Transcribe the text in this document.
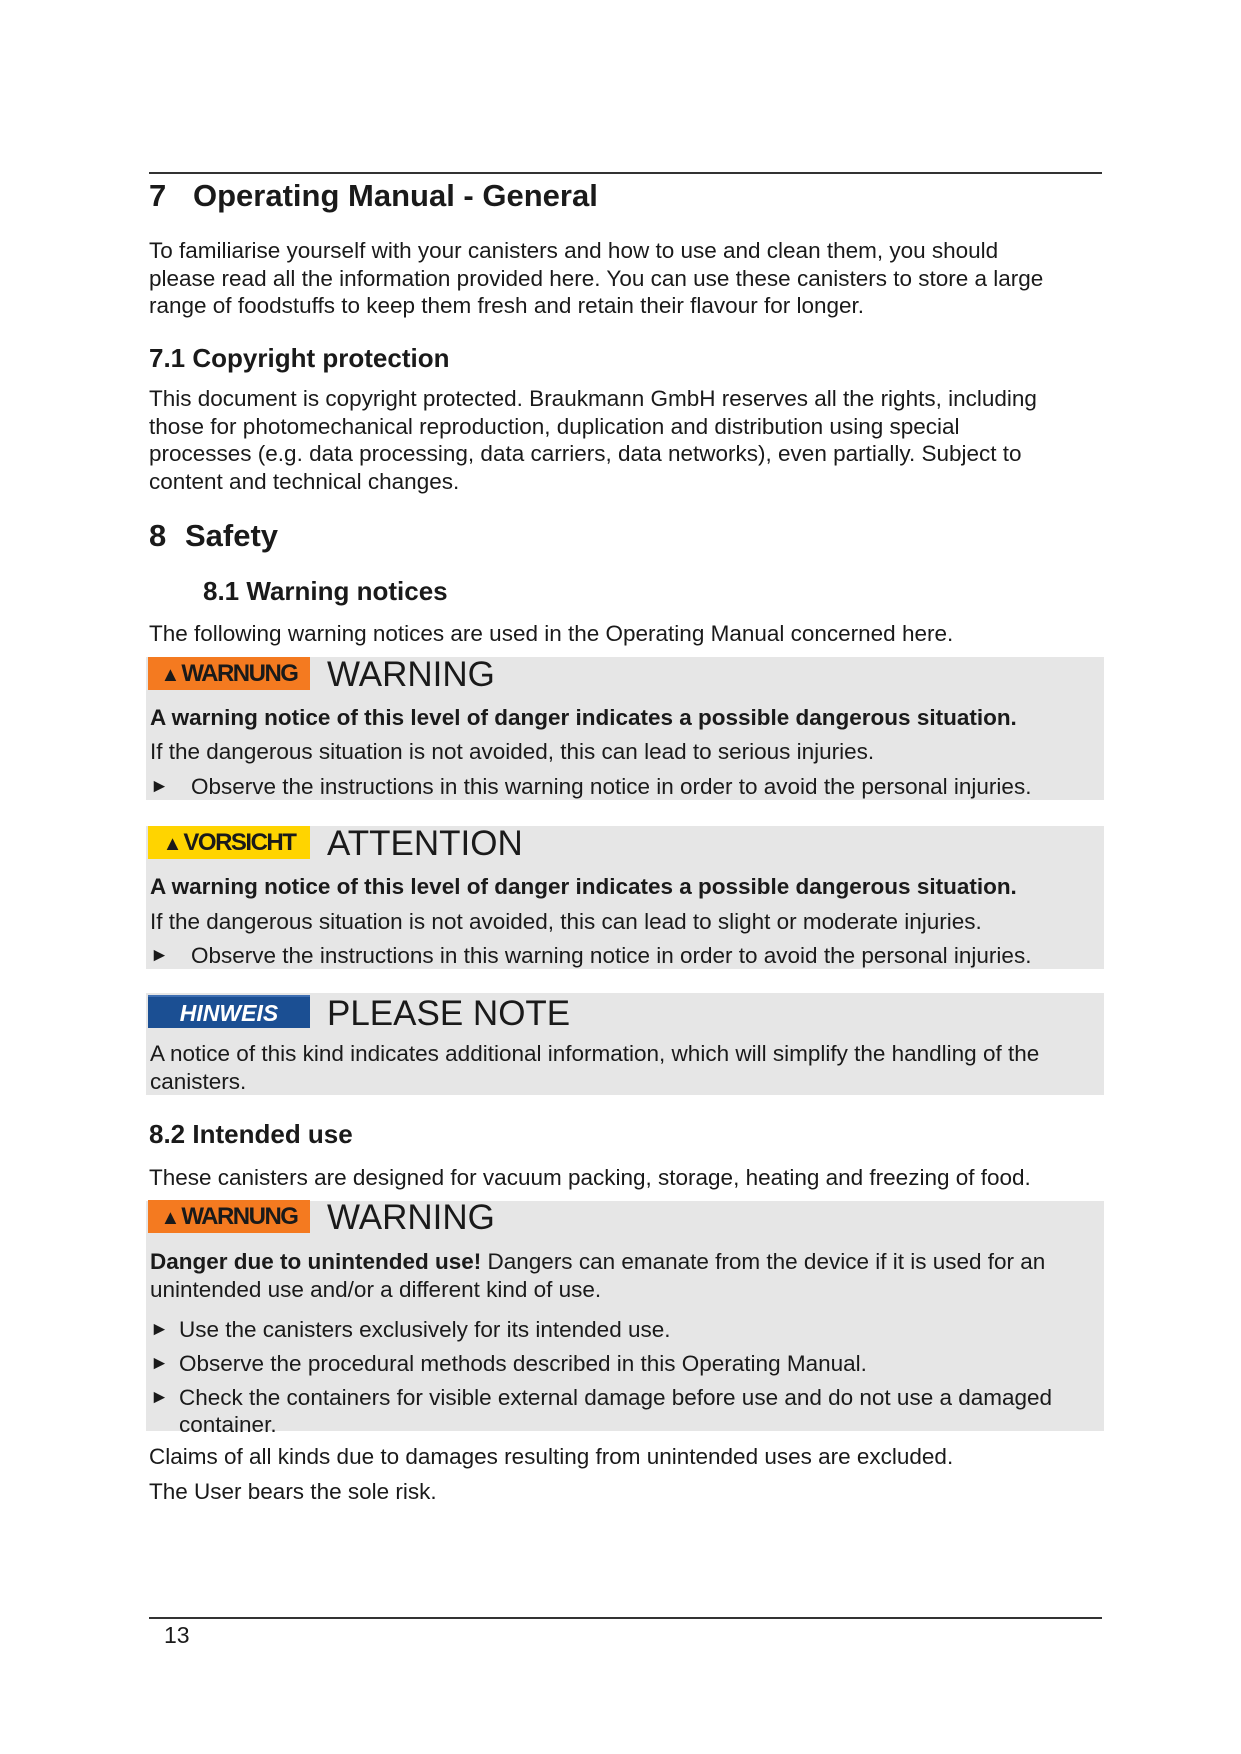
7 Operating Manual - General
To familiarise yourself with your canisters and how to use and clean them, you should
please read all the information provided here. You can use these canisters to store a large
range of foodstuffs to keep them fresh and retain their flavour for longer.
7.1 Copyright protection
This document is copyright protected. Braukmann GmbH reserves all the rights, including
those for photomechanical reproduction, duplication and distribution using special
processes (e.g. data processing, data carriers, data networks), even partially. Subject to
content and technical changes.
8 Safety
8.1 Warning notices
The following warning notices are used in the Operating Manual concerned here.
▲WARNUNG WARNING
A warning notice of this level of danger indicates a possible dangerous situation.
If the dangerous situation is not avoided, this can lead to serious injuries.
► Observe the instructions in this warning notice in order to avoid the personal injuries.
▲VORSICHT ATTENTION
A warning notice of this level of danger indicates a possible dangerous situation.
If the dangerous situation is not avoided, this can lead to slight or moderate injuries.
► Observe the instructions in this warning notice in order to avoid the personal injuries.
HINWEIS	PLEASE NOTE
A notice of this kind indicates additional information, which will simplify the handling of the
canisters.
8.2 Intended use
These canisters are designed for vacuum packing, storage, heating and freezing of food.
▲WARNUNG WARNING
Danger due to unintended use! Dangers can emanate from the device if it is used for an
unintended use and/or a different kind of use.
► Use the canisters exclusively for its intended use.
► Observe the procedural methods described in this Operating Manual.
► Check the containers for visible external damage before use and do not use a damaged
container.
Claims of all kinds due to damages resulting from unintended uses are excluded.
The User bears the sole risk.
13
